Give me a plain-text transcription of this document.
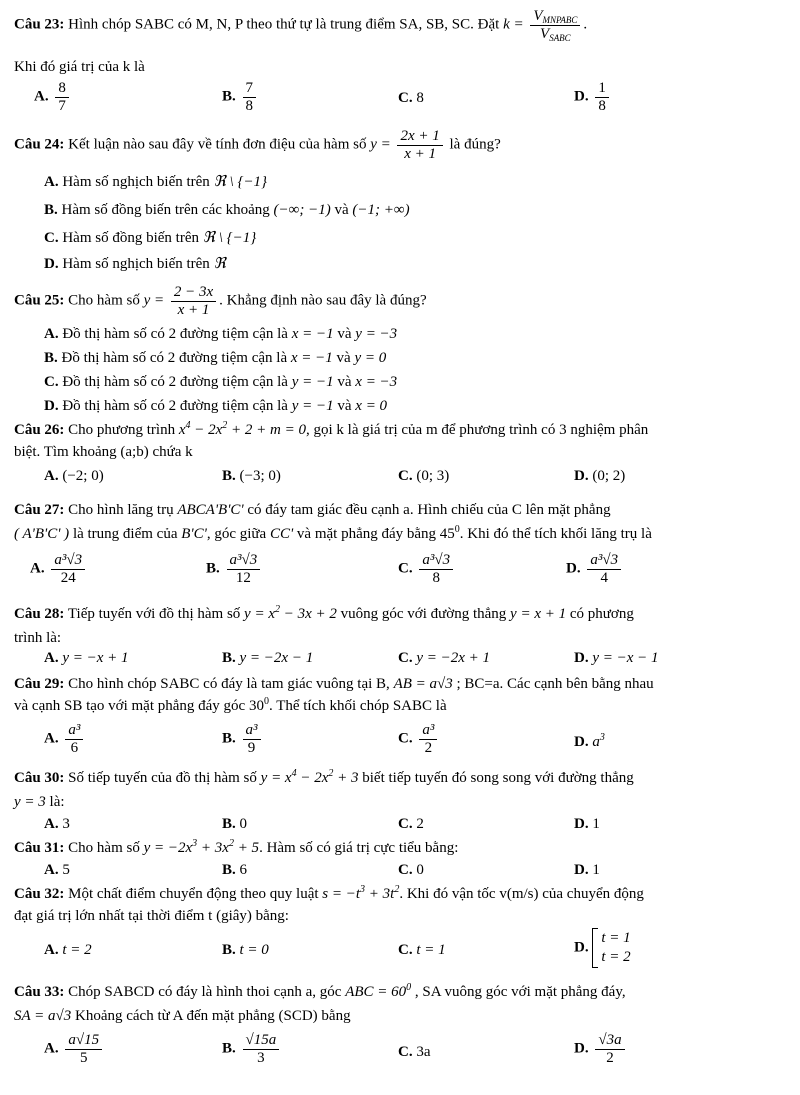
Câu 23: Hình chóp SABC có M, N, P theo thứ tự là trung điểm SA, SB, SC. Đặt $k = \frac{V_{MNPABC}}{V_{SABC}}$ .
Khi đó giá trị của k là
A. $\frac{8}{7}$	B. $\frac{7}{8}$	C. 8	D. $\frac{1}{8}$
Câu 24: Kết luận nào sau đây về tính đơn điệu của hàm số $y = \frac{2x + 1}{x + 1}$ là đúng?
A. Hàm số nghịch biến trên ℜ \ {−1}
B. Hàm số đồng biến trên các khoảng (−∞; −1) và (−1; +∞)
C. Hàm số đồng biến trên ℜ \ {−1}
D. Hàm số nghịch biến trên ℜ
Câu 25: Cho hàm số $y = \frac{2 - 3x}{x + 1}$ . Khẳng định nào sau đây là đúng?
A. Đồ thị hàm số có 2 đường tiệm cận là x = −1 và y = −3
B. Đồ thị hàm số có 2 đường tiệm cận là x = −1 và y = 0
C. Đồ thị hàm số có 2 đường tiệm cận là y = −1 và x = −3
D. Đồ thị hàm số có 2 đường tiệm cận là y = −1 và x = 0
Câu 26: Cho phương trình $x^4 - 2x^2 + 2 + m = 0$, gọi k là giá trị của m để phương trình có 3 nghiệm phân
biệt. Tìm khoảng (a;b) chứa k
A. (−2; 0)	B. (−3; 0)	C. (0; 3)	D. (0; 2)
Câu 27: Cho hình lăng trụ ABCA'B'C' có đáy tam giác đều cạnh a. Hình chiếu của C lên mặt phẳng
( A'B'C' ) là trung điểm của B'C', góc giữa CC' và mặt phẳng đáy bằng $45^0$. Khi đó thể tích khối lăng trụ là
A. $\frac{\text{a³√3}}{24}$	B. $\frac{\text{a³√3}}{12}$	C. $\frac{\text{a³√3}}{8}$	D. $\frac{\text{a³√3}}{4}$
Câu 28: Tiếp tuyến với đồ thị hàm số $y = x^2 - 3x + 2$ vuông góc với đường thẳng y = x + 1 có phương
trình là:
A. y = −x + 1	B. y = −2x − 1	C. y = −2x + 1	D. y = −x − 1
Câu 29: Cho hình chóp SABC có đáy là tam giác vuông tại B, AB = a√3 ; BC=a. Các cạnh bên bằng nhau
và cạnh SB tạo với mặt phẳng đáy góc $30^0$. Thể tích khối chóp SABC là
A. $\frac{\text{a³}}{6}$	B. $\frac{\text{a³}}{9}$	C. $\frac{\text{a³}}{2}$	D. $a^3$
Câu 30: Số tiếp tuyến của đồ thị hàm số $y = x^4 - 2x^2 + 3$ biết tiếp tuyến đó song song với đường thẳng
y = 3 là:
A. 3	B. 0	C. 2	D. 1
Câu 31: Cho hàm số $y = -2x^3 + 3x^2 + 5$. Hàm số có giá trị cực tiểu bằng:
A. 5	B. 6	C. 0	D. 1
Câu 32: Một chất điểm chuyển động theo quy luật $s = -t^3 + 3t^2$. Khi đó vận tốc v(m/s) của chuyển động
đạt giá trị lớn nhất tại thời điểm t (giây) bằng:
A. t = 2	B. t = 0	C. t = 1	D.
t = 1
t = 2
Câu 33: Chóp SABCD có đáy là hình thoi cạnh a, góc ABC = $60^0$ , SA vuông góc với mặt phẳng đáy,
SA = a√3 Khoảng cách từ A đến mặt phẳng (SCD) bằng
A. $\frac{a√15}{5}$	B. $\frac{√15a}{3}$	C. 3a	D. $\frac{√3a}{2}$
